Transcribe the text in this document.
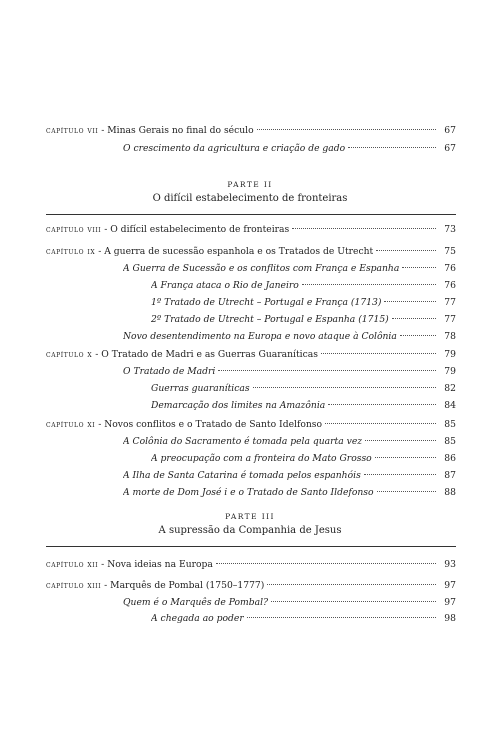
capítulo vii - Minas Gerais no final do século	67
O crescimento da agricultura e criação de gado	67
PARTE II
O difícil estabelecimento de fronteiras
capítulo viii - O difícil estabelecimento de fronteiras	73
capítulo ix - A guerra de sucessão espanhola e os Tratados de Utrecht	75
A Guerra de Sucessão e os conflitos com França e Espanha	76
A França ataca o Rio de Janeiro	76
1º Tratado de Utrecht – Portugal e França (1713)	77
2º Tratado de Utrecht – Portugal e Espanha (1715)	77
Novo desentendimento na Europa e novo ataque à Colônia	78
capítulo x - O Tratado de Madri e as Guerras Guaraníticas	79
O Tratado de Madri	79
Guerras guaraníticas	82
Demarcação dos limites na Amazônia	84
capítulo xi - Novos conflitos e o Tratado de Santo Idelfonso	85
A Colônia do Sacramento é tomada pela quarta vez	85
A preocupação com a fronteira do Mato Grosso	86
A Ilha de Santa Catarina é tomada pelos espanhóis	87
A morte de Dom José i e o Tratado de Santo Ildefonso	88
PARTE III
A supressão da Companhia de Jesus
capítulo xii - Nova ideias na Europa	93
capítulo xiii - Marquês de Pombal (1750–1777)	97
Quem é o Marquês de Pombal?	97
A chegada ao poder	98
